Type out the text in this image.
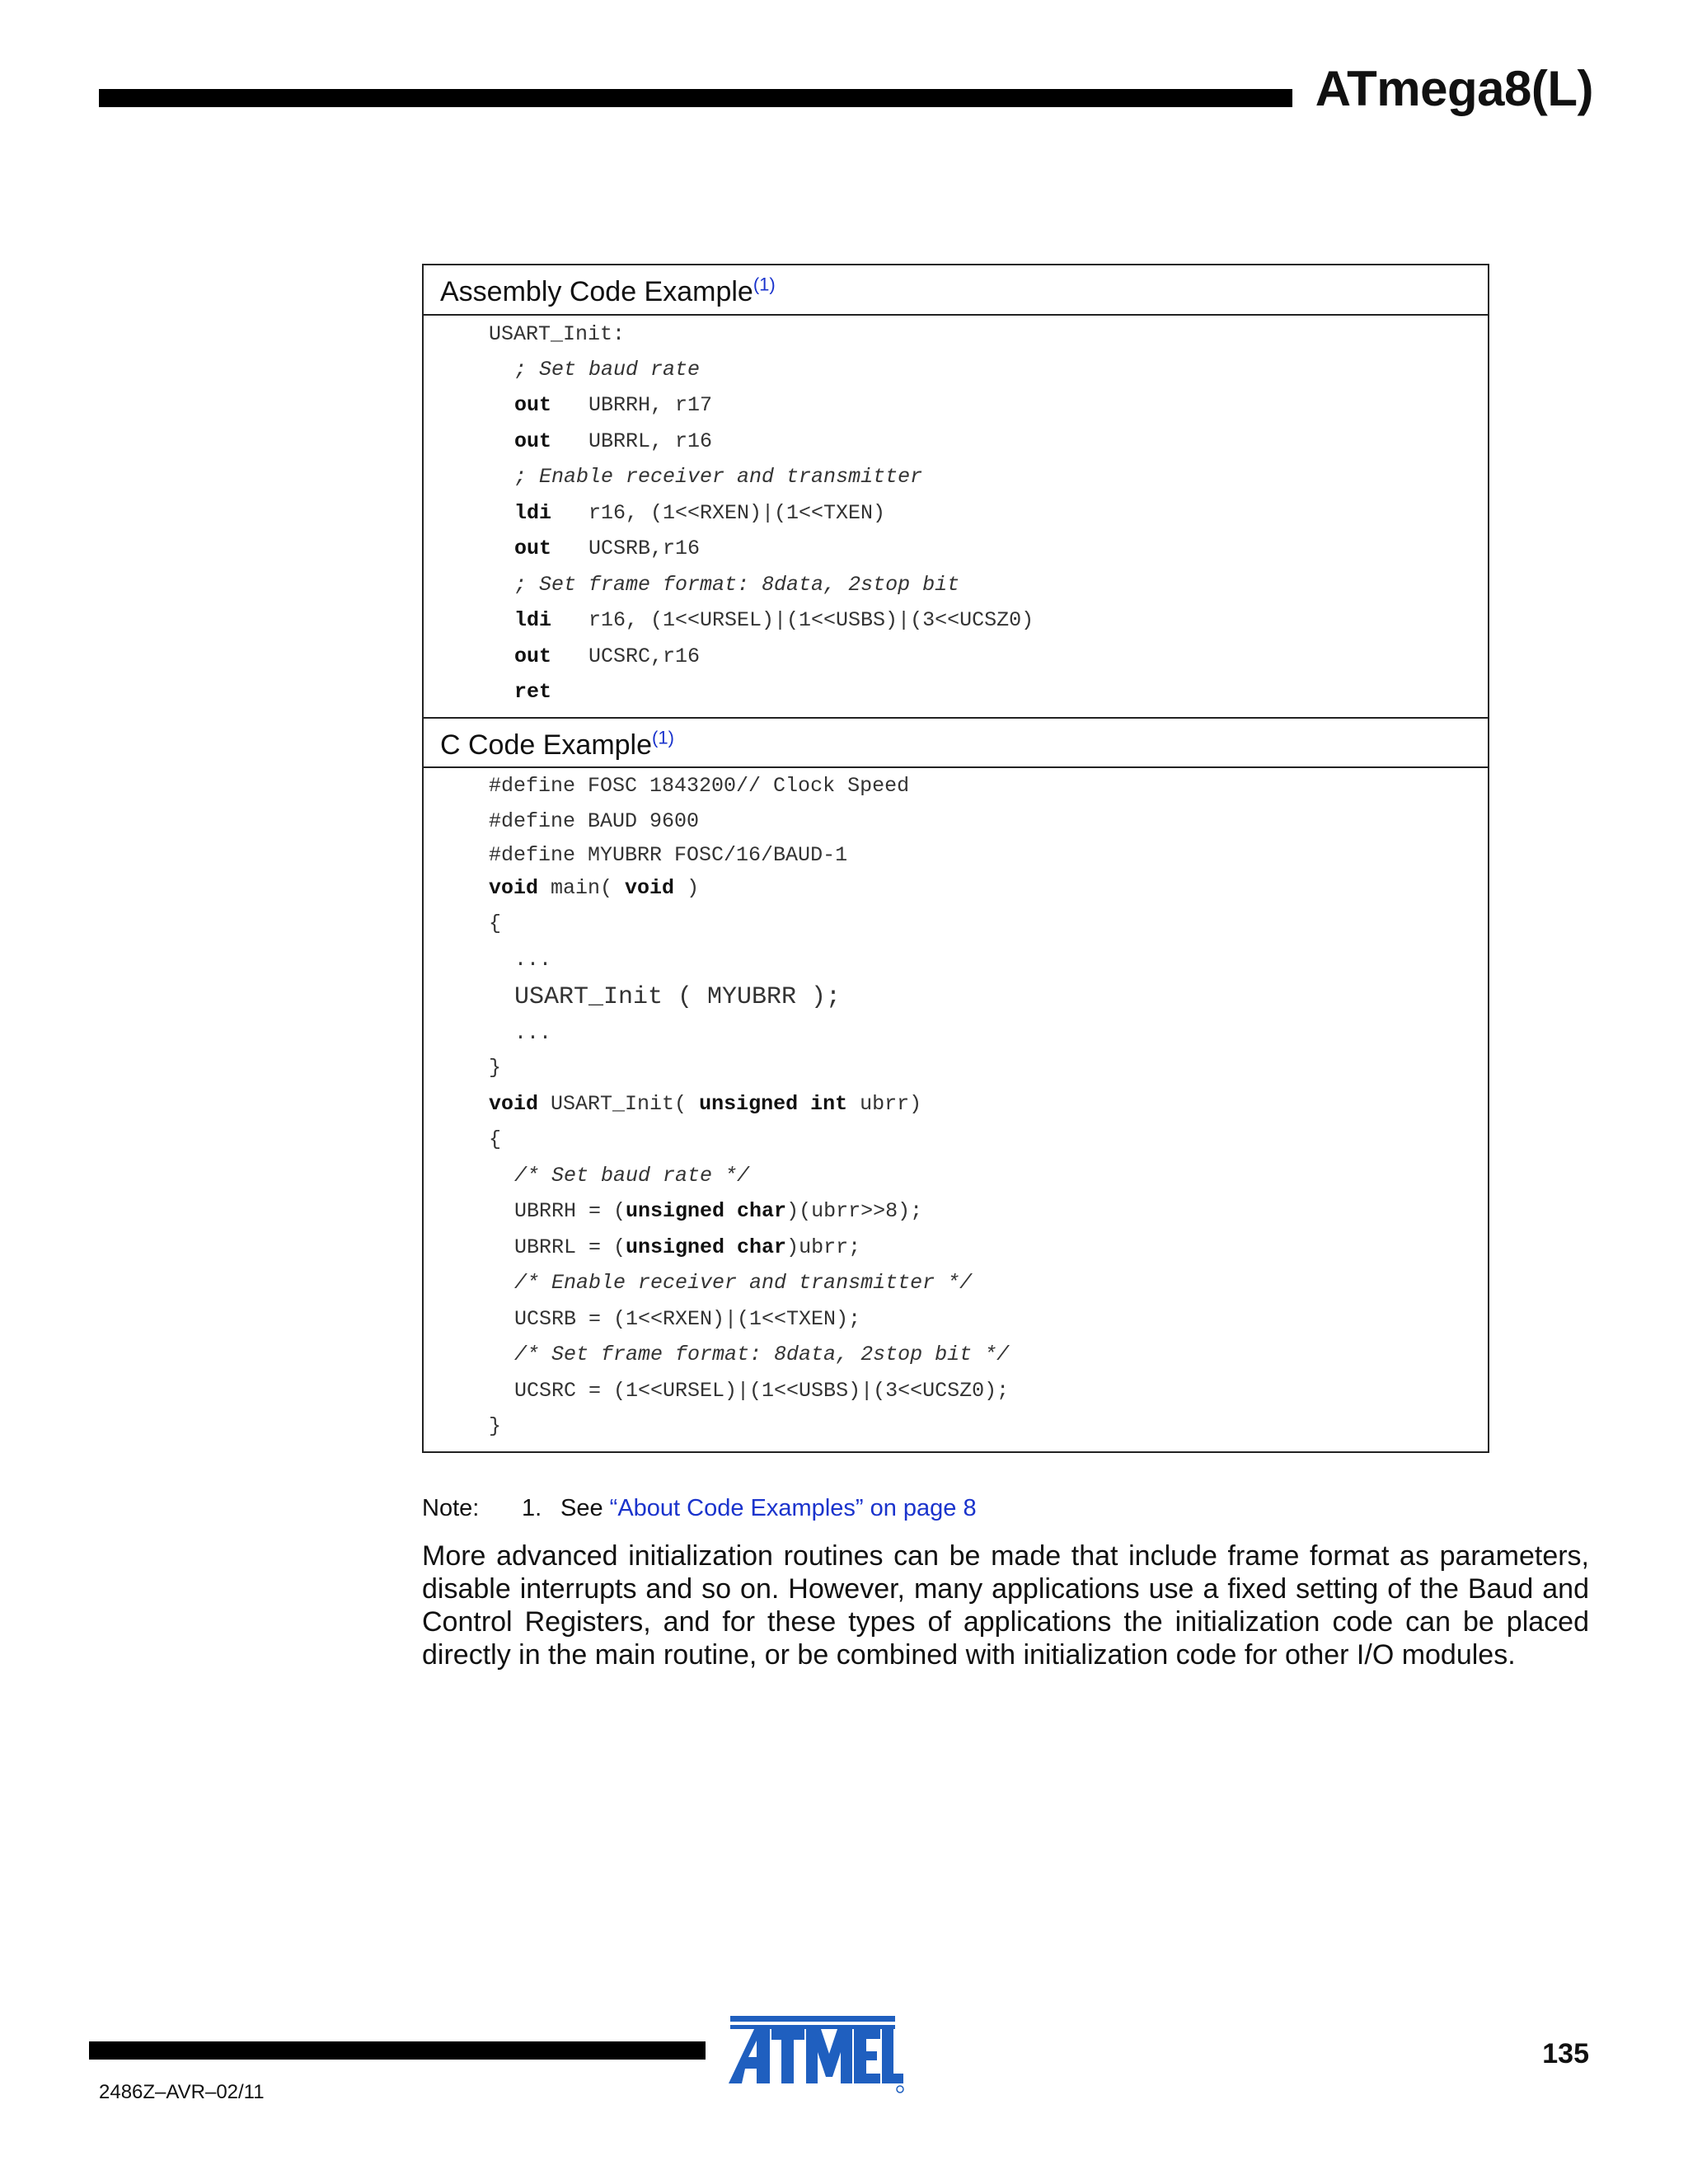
ATmega8(L)
Assembly Code Example$^{(1)}$
USART_Init:
; Set baud rate
out UBRRH, r17
out UBRRL, r16
; Enable receiver and transmitter
ldi r16, (1<<RXEN)|(1<<TXEN)
out UCSRB,r16
; Set frame format: 8data, 2stop bit
ldi r16, (1<<URSEL)|(1<<USBS)|(3<<UCSZ0)
out UCSRC,r16
ret
C Code Example$^{(1)}$
#define FOSC 1843200// Clock Speed
#define BAUD 9600
#define MYUBRR FOSC/16/BAUD-1
void main( void )
{
...
USART_Init ( MYUBRR );
...
}
void USART_Init( unsigned int ubrr)
{
/* Set baud rate */
UBRRH = (unsigned char)(ubrr>>8);
UBRRL = (unsigned char)ubrr;
/* Enable receiver and transmitter */
UCSRB = (1<<RXEN)|(1<<TXEN);
/* Set frame format: 8data, 2stop bit */
UCSRC = (1<<URSEL)|(1<<USBS)|(3<<UCSZ0);
}
Note: 1. See “About Code Examples” on page 8
More advanced initialization routines can be made that include frame format as parameters, disable interrupts and so on. However, many applications use a fixed setting of the Baud and Control Registers, and for these types of applications the initialization code can be placed directly in the main routine, or be combined with initialization code for other I/O modules.
2486Z–AVR–02/11
135
